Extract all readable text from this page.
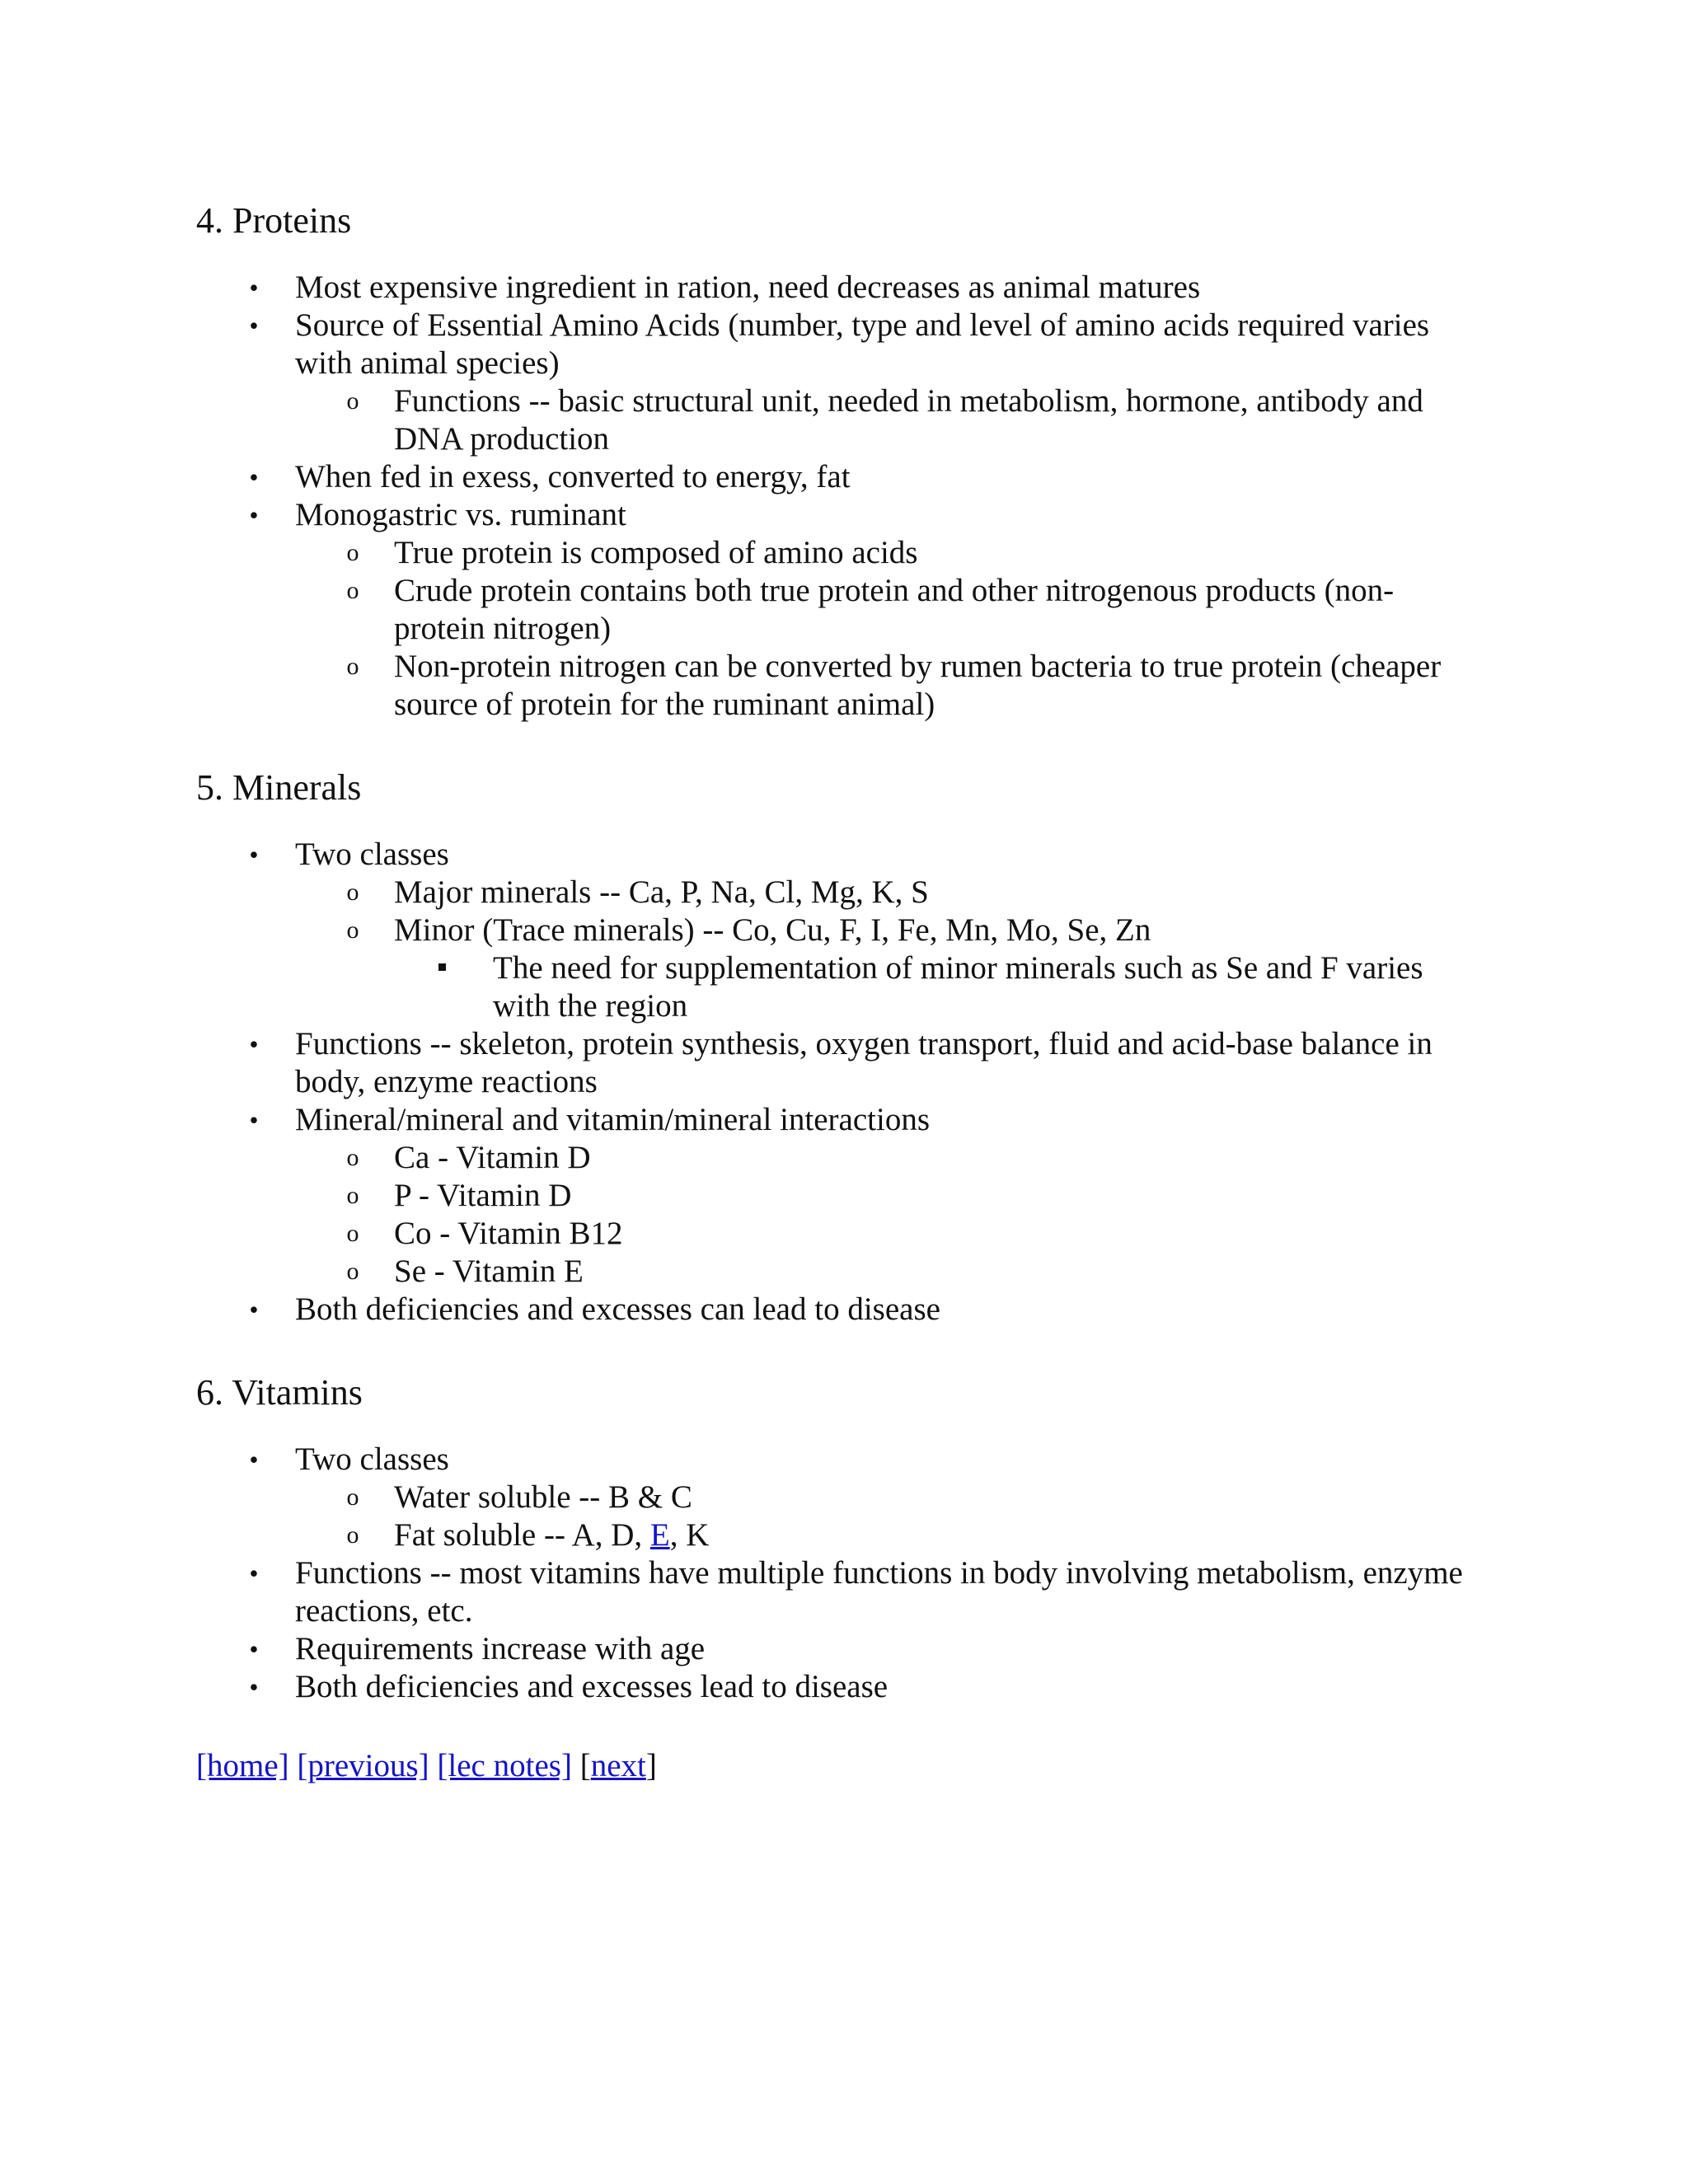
4. Proteins
• Most expensive ingredient in ration, need decreases as animal matures
• Source of Essential Amino Acids (number, type and level of amino acids required varies with animal species)
o Functions -- basic structural unit, needed in metabolism, hormone, antibody and DNA production
• When fed in exess, converted to energy, fat
• Monogastric vs. ruminant
o True protein is composed of amino acids
o Crude protein contains both true protein and other nitrogenous products (non-protein nitrogen)
o Non-protein nitrogen can be converted by rumen bacteria to true protein (cheaper source of protein for the ruminant animal)
5. Minerals
• Two classes
o Major minerals -- Ca, P, Na, Cl, Mg, K, S
o Minor (Trace minerals) -- Co, Cu, F, I, Fe, Mn, Mo, Se, Zn
The need for supplementation of minor minerals such as Se and F varies with the region
• Functions -- skeleton, protein synthesis, oxygen transport, fluid and acid-base balance in body, enzyme reactions
• Mineral/mineral and vitamin/mineral interactions
o Ca - Vitamin D
o P - Vitamin D
o Co - Vitamin B12
o Se - Vitamin E
• Both deficiencies and excesses can lead to disease
6. Vitamins
• Two classes
o Water soluble -- B & C
o Fat soluble -- A, D, E, K
• Functions -- most vitamins have multiple functions in body involving metabolism, enzyme reactions, etc.
• Requirements increase with age
• Both deficiencies and excesses lead to disease
[home] [previous] [lec notes] [next]
